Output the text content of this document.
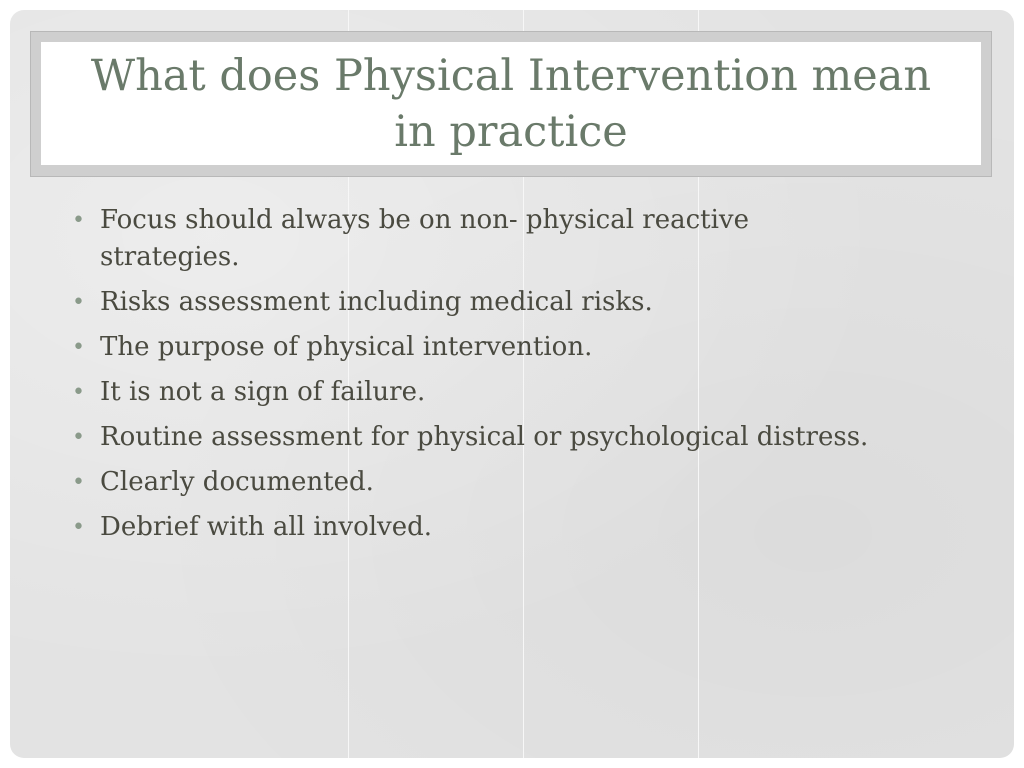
What does Physical Intervention mean in practice
• Focus should always be on non- physical reactive strategies.
• Risks assessment including medical risks.
• The purpose of physical intervention.
• It is not a sign of failure.
• Routine assessment for physical or psychological distress.
• Clearly documented.
• Debrief with all involved.
